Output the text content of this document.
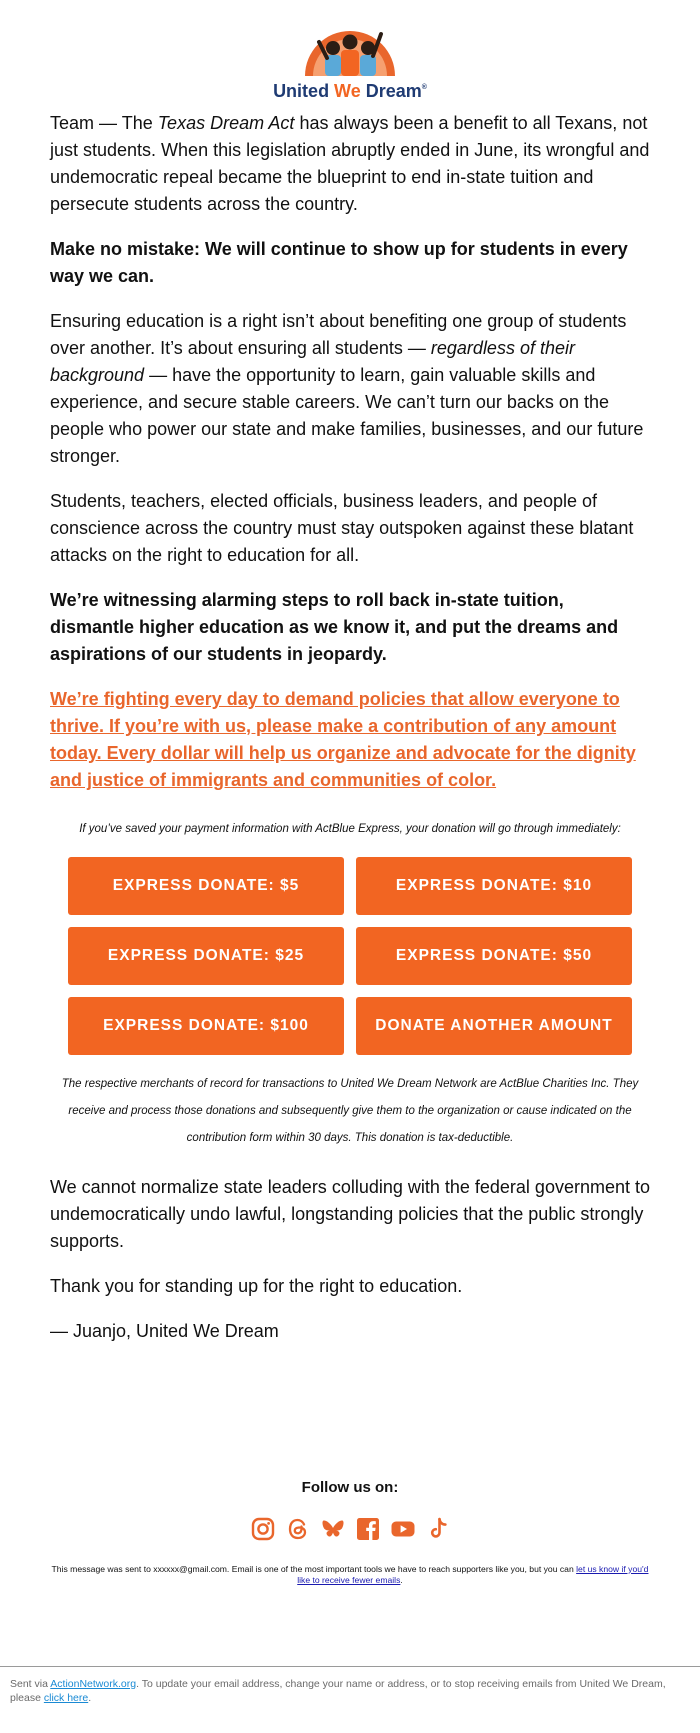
United We Dream®

Team — The Texas Dream Act has always been a benefit to all Texans, not just students. When this legislation abruptly ended in June, its wrongful and undemocratic repeal became the blueprint to end in-state tuition and persecute students across the country.

Make no mistake: We will continue to show up for students in every way we can.

Ensuring education is a right isn’t about benefiting one group of students over another. It’s about ensuring all students — regardless of their background — have the opportunity to learn, gain valuable skills and experience, and secure stable careers. We can’t turn our backs on the people who power our state and make families, businesses, and our future stronger.

Students, teachers, elected officials, business leaders, and people of conscience across the country must stay outspoken against these blatant attacks on the right to education for all.

We’re witnessing alarming steps to roll back in-state tuition, dismantle higher education as we know it, and put the dreams and aspirations of our students in jeopardy.

We’re fighting every day to demand policies that allow everyone to thrive. If you’re with us, please make a contribution of any amount today. Every dollar will help us organize and advocate for the dignity and justice of immigrants and communities of color.

If you’ve saved your payment information with ActBlue Express, your donation will go through immediately:

EXPRESS DONATE: $5	EXPRESS DONATE: $10
EXPRESS DONATE: $25	EXPRESS DONATE: $50
EXPRESS DONATE: $100	DONATE ANOTHER AMOUNT

The respective merchants of record for transactions to United We Dream Network are ActBlue Charities Inc. They receive and process those donations and subsequently give them to the organization or cause indicated on the contribution form within 30 days. This donation is tax-deductible.

We cannot normalize state leaders colluding with the federal government to undemocratically undo lawful, longstanding policies that the public strongly supports.

Thank you for standing up for the right to education.

— Juanjo, United We Dream

Follow us on:

This message was sent to xxxxxx@gmail.com. Email is one of the most important tools we have to reach supporters like you, but you can let us know if you'd like to receive fewer emails.

Sent via ActionNetwork.org. To update your email address, change your name or address, or to stop receiving emails from United We Dream, please click here.
